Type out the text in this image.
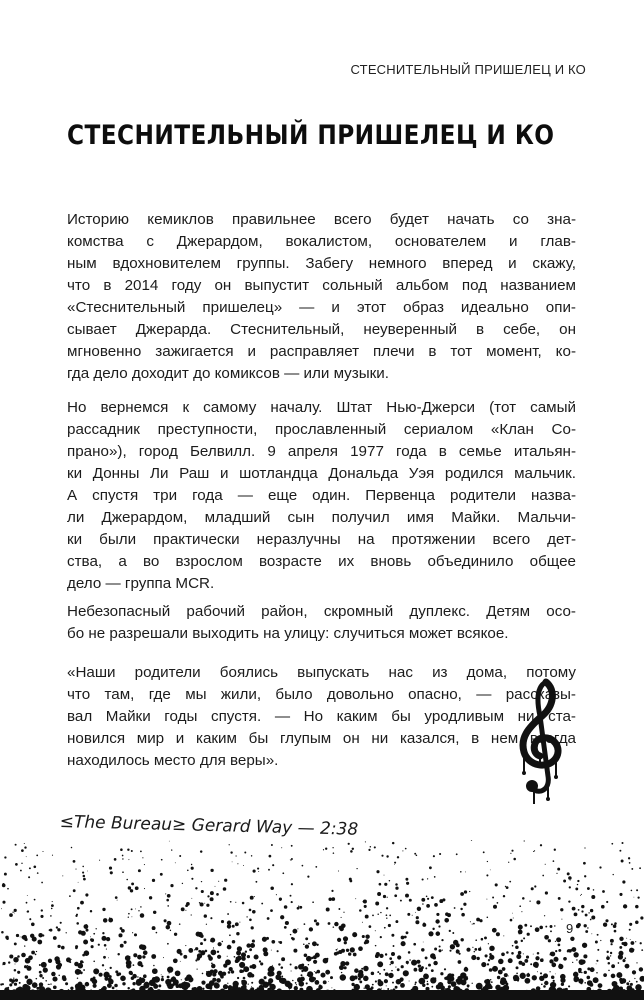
СТЕСНИТЕЛЬНЫЙ ПРИШЕЛЕЦ И КО
СТЕСНИТЕЛЬНЫЙ ПРИШЕЛЕЦ И КО
Историю кемиклов правильнее всего будет начать со зна-
комства с Джерардом, вокалистом, основателем и глав-
ным вдохновителем группы. Забегу немного вперед и скажу,
что в 2014 году он выпустит сольный альбом под названием
«Стеснительный пришелец» — и этот образ идеально опи-
сывает Джерарда. Стеснительный, неуверенный в себе, он
мгновенно зажигается и расправляет плечи в тот момент, ко-
гда дело доходит до комиксов — или музыки.
Но вернемся к самому началу. Штат Нью-Джерси (тот самый
рассадник преступности, прославленный сериалом «Клан Со-
прано»), город Белвилл. 9 апреля 1977 года в семье итальян-
ки Донны Ли Раш и шотландца Дональда Уэя родился мальчик.
А спустя три года — еще один. Первенца родители назва-
ли Джерардом, младший сын получил имя Майки. Мальчи-
ки были практически неразлучны на протяжении всего дет-
ства, а во взрослом возрасте их вновь объединило общее
дело — группа MCR.
Небезопасный рабочий район, скромный дуплекс. Детям осо-
бо не разрешали выходить на улицу: случиться может всякое.
«Наши родители боялись выпускать нас из дома, потому
что там, где мы жили, было довольно опасно, — рассказы-
вал Майки годы спустя. — Но каким бы уродливым ни ста-
новился мир и каким бы глупым он ни казался, в нем всегда
находилось место для веры».
≤The Bureau≥ Gerard Way — 2:38
9
